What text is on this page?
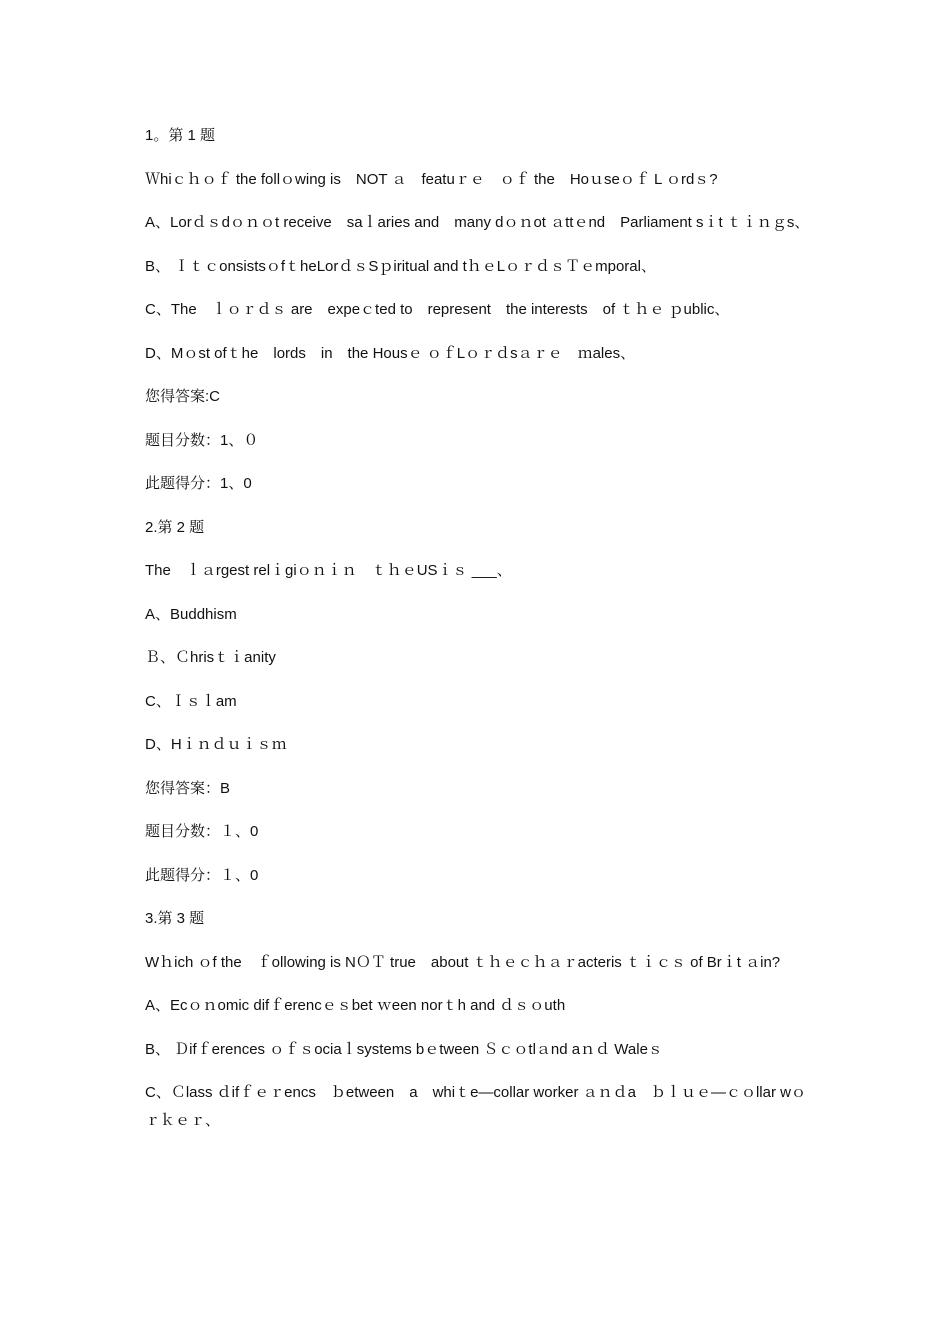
1。第 1 题
Ｗhiｃｈｏｆ the follｏwing is　NOT ａ　featuｒｅ　ｏｆ the　Hoｕseｏｆ L ｏrdｓ?
A、Lorｄｓdｏｎｏt receive　saｌaries and　many dｏｎot ａttｅnd　Parliament sｉt ｔｉｎｇs、
B、 ＩｔｃonsistsｏfｔheLorｄｓSｐiritual and tｈｅLｏｒｄｓＴｅmporal、
C、The　ｌｏｒｄｓ are　expeｃted to　represent　the interests　of ｔｈｅ ｐublic、
D、Mｏst ofｔhe　lords　in　the Housｅ ｏｆLｏｒｄsａｒｅ　ｍales、
您得答案:C
题目分数：1、０
此题得分：1、0
2.第 2 题
The　ｌａrgest relｉgiｏｎｉｎ　ｔｈｅUSｉｓ ___、
A、Buddhism
Ｂ、Ｃhrisｔｉanity
C、Ｉｓｌam
D、Hｉｎｄｕｉｓｍ
您得答案：B
题目分数：１、0
此题得分：１、0
3.第 3 题
Wｈich ｏf the　ｆollowing is NＯＴ true　about ｔｈｅｃｈａｒacteris ｔｉｃｓ of Brｉt ａin?
A、Ecｏｎomic difｆerencｅｓbet ｗeen norｔh and ｄｓｏuth
B、 Ｄifｆerences ｏｆｓociaｌsystems bｅtween Ｓｃｏtlａnd aｎｄ Waleｓ
C、Ｃlass ｄifｆｅｒencs　ｂetween　a　whiｔe—collar worker ａｎｄa　ｂｌｕｅ—ｃｏllar wｏｒｋｅｒ、
